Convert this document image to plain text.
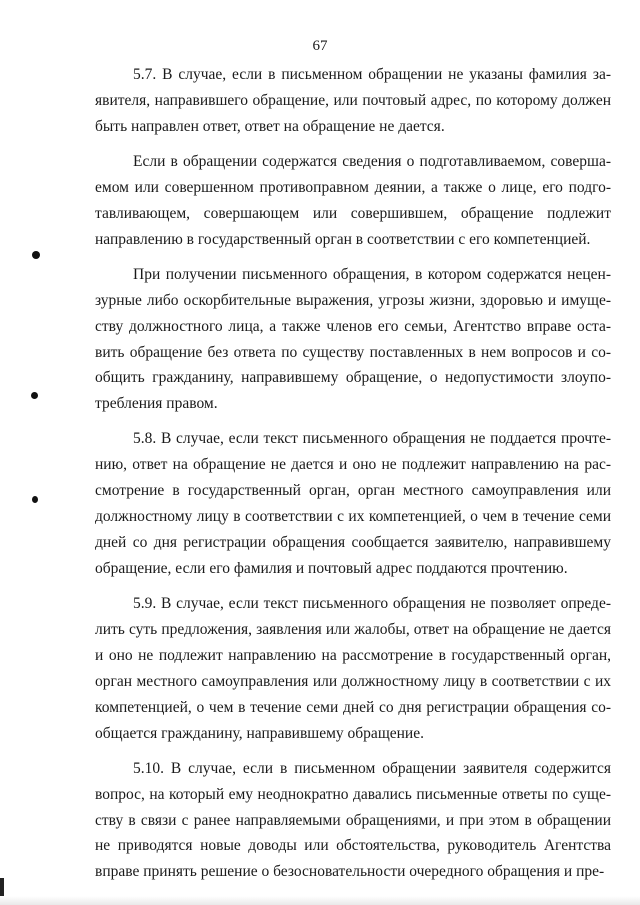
67
5.7. В случае, если в письменном обращении не указаны фамилия за-
явителя, направившего обращение, или почтовый адрес, по которому должен
быть направлен ответ, ответ на обращение не дается.
Если в обращении содержатся сведения о подготавливаемом, соверша-
емом или совершенном противоправном деянии, а также о лице, его подго-
тавливающем, совершающем или совершившем, обращение подлежит
направлению в государственный орган в соответствии с его компетенцией.
При получении письменного обращения, в котором содержатся нецен-
зурные либо оскорбительные выражения, угрозы жизни, здоровью и имуще-
ству должностного лица, а также членов его семьи, Агентство вправе оста-
вить обращение без ответа по существу поставленных в нем вопросов и со-
общить гражданину, направившему обращение, о недопустимости злоупо-
требления правом.
5.8. В случае, если текст письменного обращения не поддается прочте-
нию, ответ на обращение не дается и оно не подлежит направлению на рас-
смотрение в государственный орган, орган местного самоуправления или
должностному лицу в соответствии с их компетенцией, о чем в течение семи
дней со дня регистрации обращения сообщается заявителю, направившему
обращение, если его фамилия и почтовый адрес поддаются прочтению.
5.9. В случае, если текст письменного обращения не позволяет опреде-
лить суть предложения, заявления или жалобы, ответ на обращение не дается
и оно не подлежит направлению на рассмотрение в государственный орган,
орган местного самоуправления или должностному лицу в соответствии с их
компетенцией, о чем в течение семи дней со дня регистрации обращения со-
общается гражданину, направившему обращение.
5.10. В случае, если в письменном обращении заявителя содержится
вопрос, на который ему неоднократно давались письменные ответы по суще-
ству в связи с ранее направляемыми обращениями, и при этом в обращении
не приводятся новые доводы или обстоятельства, руководитель Агентства
вправе принять решение о безосновательности очередного обращения и пре-
